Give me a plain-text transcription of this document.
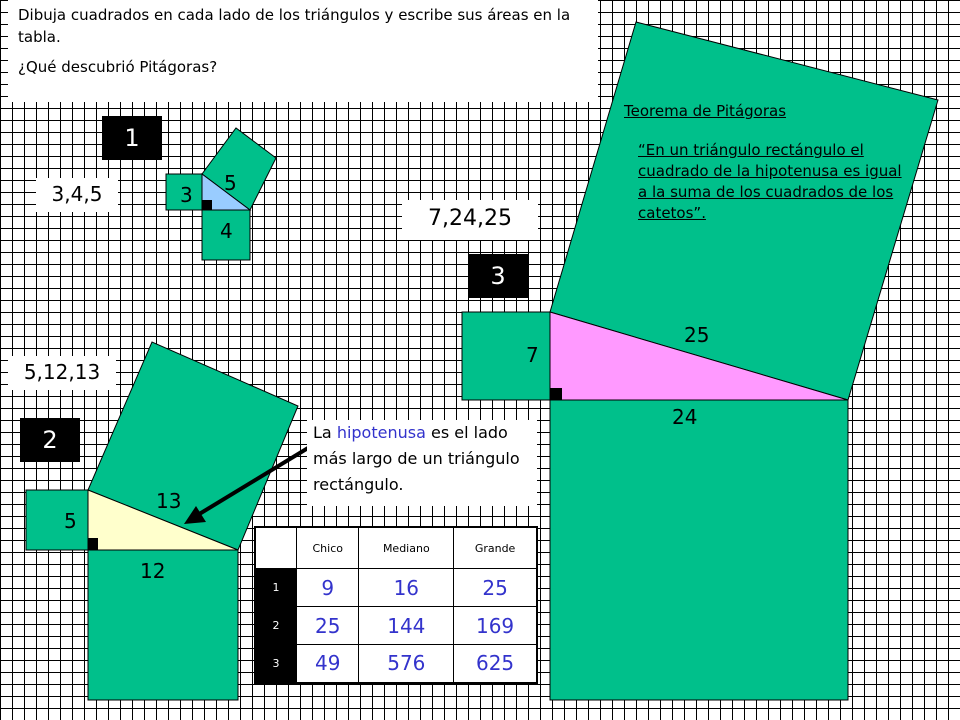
3
4
5
5
12
13
7
24
25

Dibuja cuadrados en cada lado de los triángulos y escribe sus áreas en la tabla.

¿Qué descubrió Pitágoras?

1
2
3
3,4,5
5,12,13
7,24,25
Teorema de Pitágoras
“En un triángulo rectángulo el cuadrado de la hipotenusa es igual a la suma de los cuadrados de los catetos”.
La hipotenusa es el lado más largo de un triángulo rectángulo.
	Chico	Mediano	Grande
1	9	16	25
2	25	144	169
3	49	576	625
